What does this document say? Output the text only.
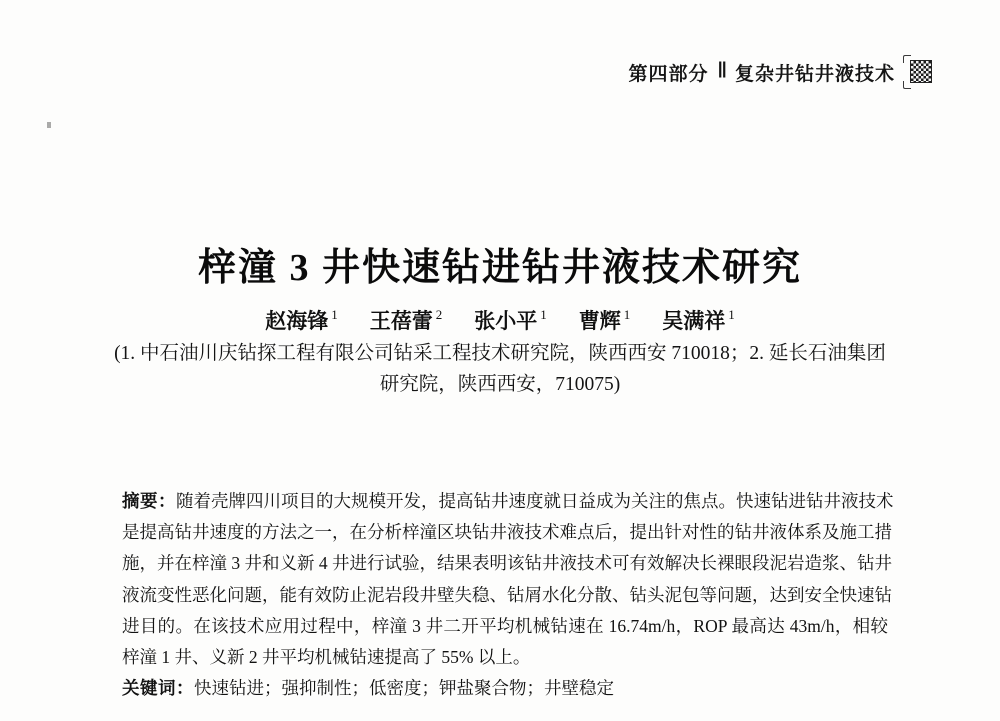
第四部分 ‖ 复杂井钻井液技术
梓潼 3 井快速钻进钻井液技术研究
赵海锋 $^1$ 王蓓蕾 $^2$ 张小平 $^1$ 曹辉 $^1$ 吴满祥 $^1$
(1. 中石油川庆钻探工程有限公司钻采工程技术研究院，陕西西安 710018；2. 延长石油集团
研究院，陕西西安，710075)
摘要：随着壳牌四川项目的大规模开发，提高钻井速度就日益成为关注的焦点。快速钻进钻井液技术
是提高钻井速度的方法之一，在分析梓潼区块钻井液技术难点后，提出针对性的钻井液体系及施工措
施，并在梓潼 3 井和义新 4 井进行试验，结果表明该钻井液技术可有效解决长裸眼段泥岩造浆、钻井
液流变性恶化问题，能有效防止泥岩段井壁失稳、钻屑水化分散、钻头泥包等问题，达到安全快速钻
进目的。在该技术应用过程中，梓潼 3 井二开平均机械钻速在 16.74m/h，ROP 最高达 43m/h，相较
梓潼 1 井、义新 2 井平均机械钻速提高了 55% 以上。
关键词：快速钻进；强抑制性；低密度；钾盐聚合物；井壁稳定
